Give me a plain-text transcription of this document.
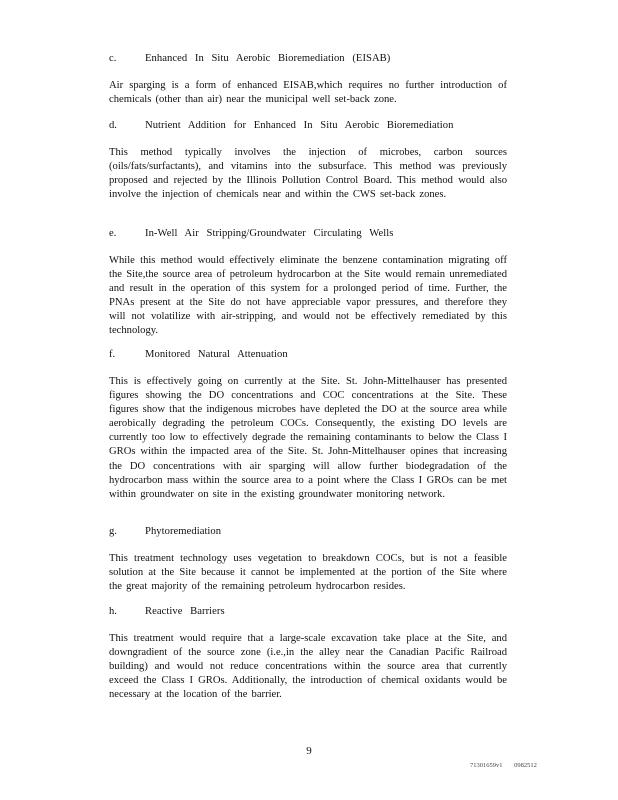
c.	Enhanced In Situ Aerobic Bioremediation (EISAB)

Air sparging is a form of enhanced EISAB,which requires no further introduction of chemicals (other than air) near the municipal well set-back zone.

d.	Nutrient Addition for Enhanced In Situ Aerobic Bioremediation

This method typically involves the injection of microbes, carbon sources (oils/fats/surfactants), and vitamins into the subsurface. This method was previously proposed and rejected by the Illinois Pollution Control Board. This method would also involve the injection of chemicals near and within the CWS set-back zones.

e.	In-Well Air Stripping/Groundwater Circulating Wells

While this method would effectively eliminate the benzene contamination migrating off the Site,the source area of petroleum hydrocarbon at the Site would remain unremediated and result in the operation of this system for a prolonged period of time. Further, the PNAs present at the Site do not have appreciable vapor pressures, and therefore they will not volatilize with air-stripping, and would not be effectively remediated by this technology.

f.	Monitored Natural Attenuation

This is effectively going on currently at the Site. St. John-Mittelhauser has presented figures showing the DO concentrations and COC concentrations at the Site. These figures show that the indigenous microbes have depleted the DO at the source area while aerobically degrading the petroleum COCs. Consequently, the existing DO levels are currently too low to effectively degrade the remaining contaminants to below the Class I GROs within the impacted area of the Site. St. John-Mittelhauser opines that increasing the DO concentrations with air sparging will allow further biodegradation of the hydrocarbon mass within the source area to a point where the Class I GROs can be met within groundwater on site in the existing groundwater monitoring network.

g.	Phytoremediation

This treatment technology uses vegetation to breakdown COCs, but is not a feasible solution at the Site because it cannot be implemented at the portion of the Site where the great majority of the remaining petroleum hydrocarbon resides.

h.	Reactive Barriers

This treatment would require that a large-scale excavation take place at the Site, and downgradient of the source zone (i.e.,in the alley near the Canadian Pacific Railroad building) and would not reduce concentrations within the source area that currently exceed the Class I GROs. Additionally, the introduction of chemical oxidants would be necessary at the location of the barrier.

9
71301659v1 0982512
